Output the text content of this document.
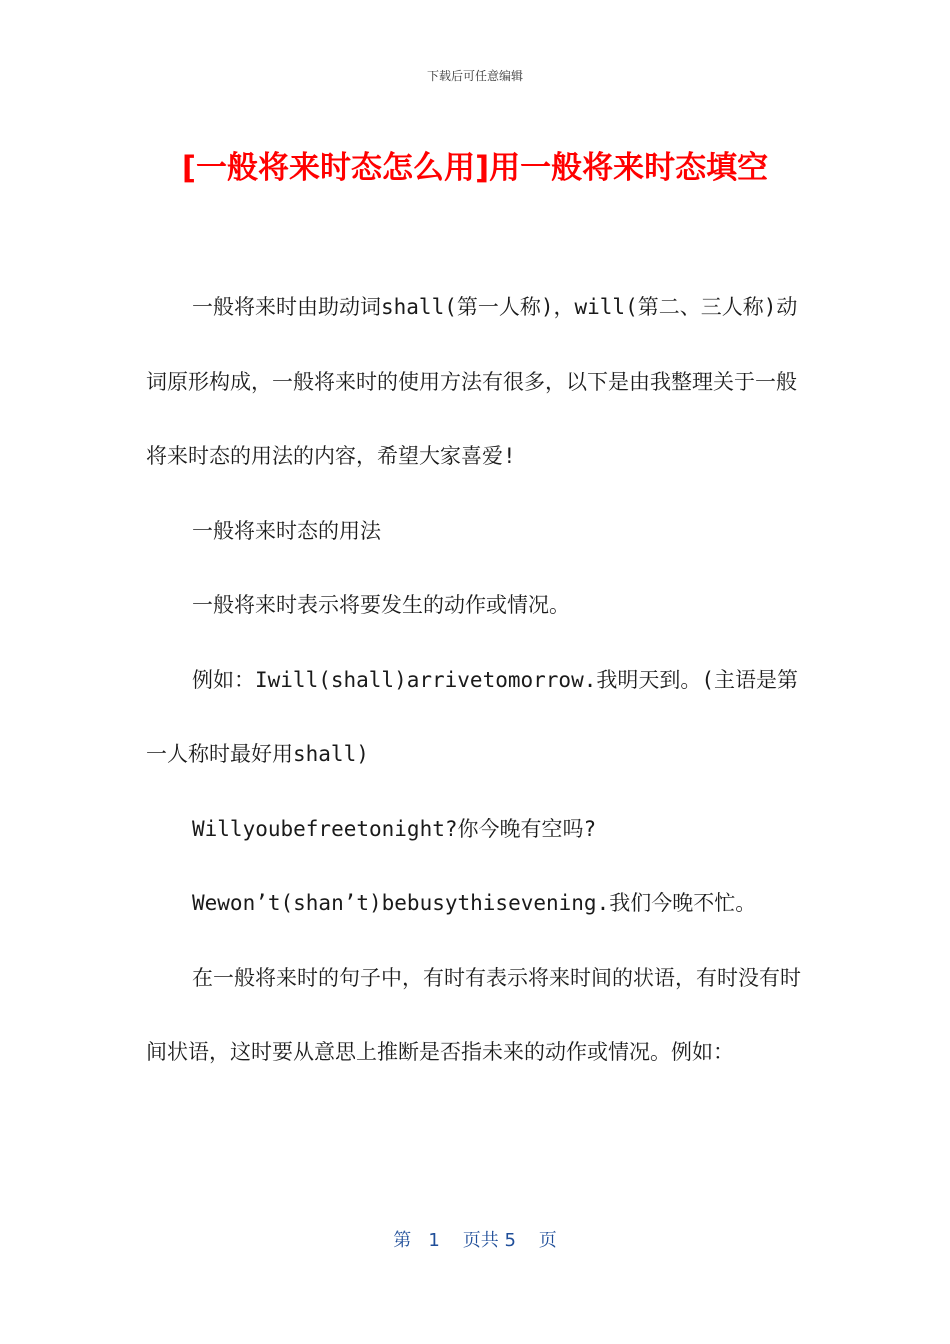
下载后可任意编辑
[一般将来时态怎么用]用一般将来时态填空

一般将来时由助动词shall(第一人称)，will(第二、三人称)动词原形构成，一般将来时的使用方法有很多，以下是由我整理关于一般将来时态的用法的内容，希望大家喜爱!

一般将来时态的用法

一般将来时表示将要发生的动作或情况。

例如：Iwill(shall)arrivetomorrow.我明天到。(主语是第一人称时最好用shall)

Willyoubefreetonight?你今晚有空吗?

Wewon’t(shan’t)bebusythisevening.我们今晚不忙。

在一般将来时的句子中，有时有表示将来时间的状语，有时没有时间状语，这时要从意思上推断是否指未来的动作或情况。例如：

第 1 页共 5 页
